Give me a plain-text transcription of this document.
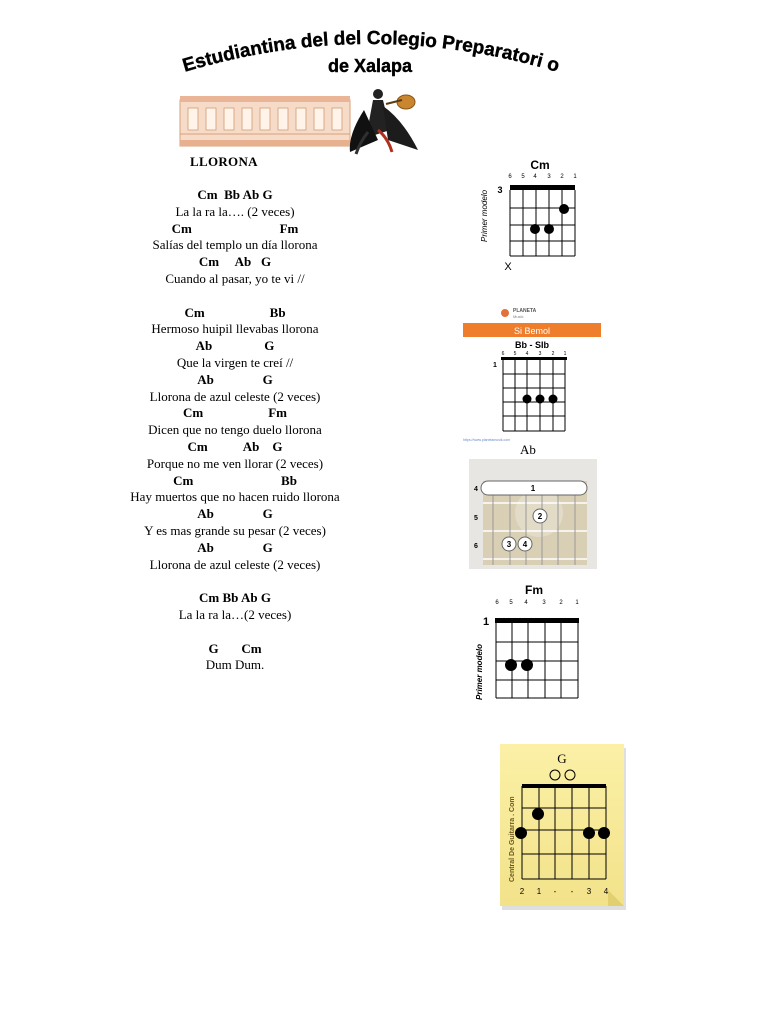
Estudiantina del del Colegio Preparatori o
de Xalapa
LLORONA
Cm  Bb Ab G
La la ra la…. (2 veces)
Cm                           Fm
Salías del templo un día llorona
Cm     Ab   G
Cuando al pasar, yo te vi //
Cm                    Bb
Hermoso huipil llevabas llorona
Ab                G
Que la virgen te creí //
Ab               G
Llorona de azul celeste (2 veces)
Cm                    Fm
Dicen que no tengo duelo llorona
Cm           Ab    G
Porque no me ven llorar (2 veces)
Cm                           Bb
Hay muertos que no hacen ruido llorona
Ab               G
Y es mas grande su pesar (2 veces)
Ab               G
Llorona de azul celeste (2 veces)
Cm Bb Ab G
La la ra la…(2 veces)
G       Cm
Dum Dum.
Cm
6 5 4 3 2 1
3
X
Primer modelo
PLANETA
Musik
Si Bemol
Bb - SIb
6 5 4 3 2 1
1
https://www.planetamusik.com
Ab
1
2
3 4
4
5
6
Fm
6 5 4 3 2 1
1
Primer modelo
G
2 1 - - 3 4
Central De Guitarra . Com
